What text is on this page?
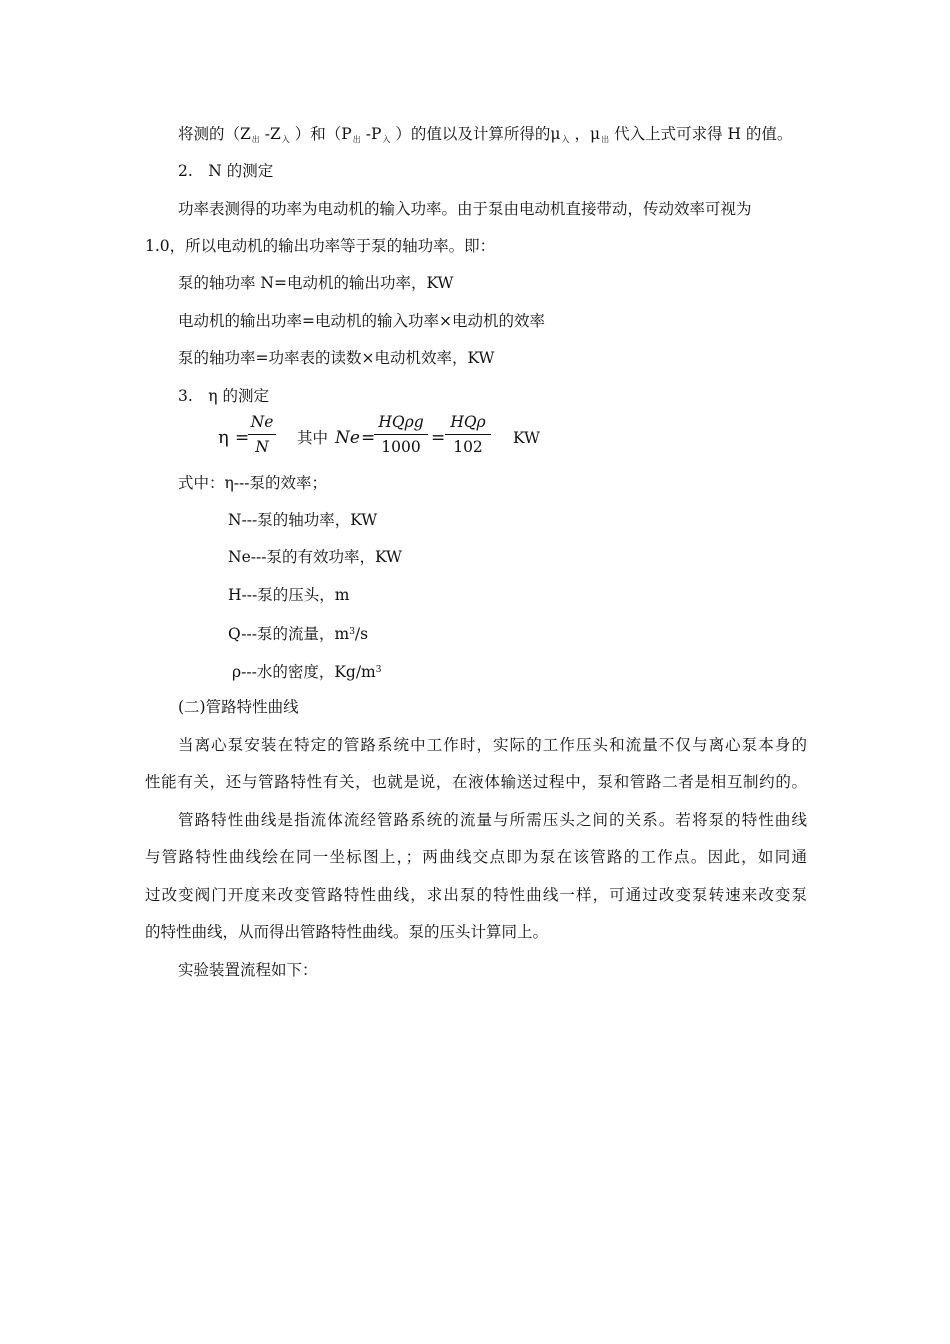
将测的（$Z_出$ $-Z_入$ ）和（$P_出$ $-P_入$ ）的值以及计算所得的$\mu_入$ ，$\mu_出$ 代入上式可求得 H 的值。
2.　N 的测定
功率表测得的功率为电动机的输入功率。由于泵由电动机直接带动，传动效率可视为
1.0，所以电动机的输出功率等于泵的轴功率。即：
泵的轴功率 N=电动机的输出功率，KW
电动机的输出功率=电动机的输入功率×电动机的效率
泵的轴功率=功率表的读数×电动机效率，KW
3.　η 的测定
η =
Ne
N	其中 Ne =
HQρg
1000 =
HQρ
102	KW
式中：η---泵的效率；
N---泵的轴功率，KW
Ne---泵的有效功率，KW
H---泵的压头，m
Q---泵的流量，$m^3/s$
ρ---水的密度，$Kg/m^3$
(二)管路特性曲线
当离心泵安装在特定的管路系统中工作时，实际的工作压头和流量不仅与离心泵本身的
性能有关，还与管路特性有关，也就是说，在液体输送过程中，泵和管路二者是相互制约的。
管路特性曲线是指流体流经管路系统的流量与所需压头之间的关系。若将泵的特性曲线
与管路特性曲线绘在同一坐标图上，；两曲线交点即为泵在该管路的工作点。因此，如同通
过改变阀门开度来改变管路特性曲线，求出泵的特性曲线一样，可通过改变泵转速来改变泵
的特性曲线，从而得出管路特性曲线。泵的压头计算同上。
实验装置流程如下：
